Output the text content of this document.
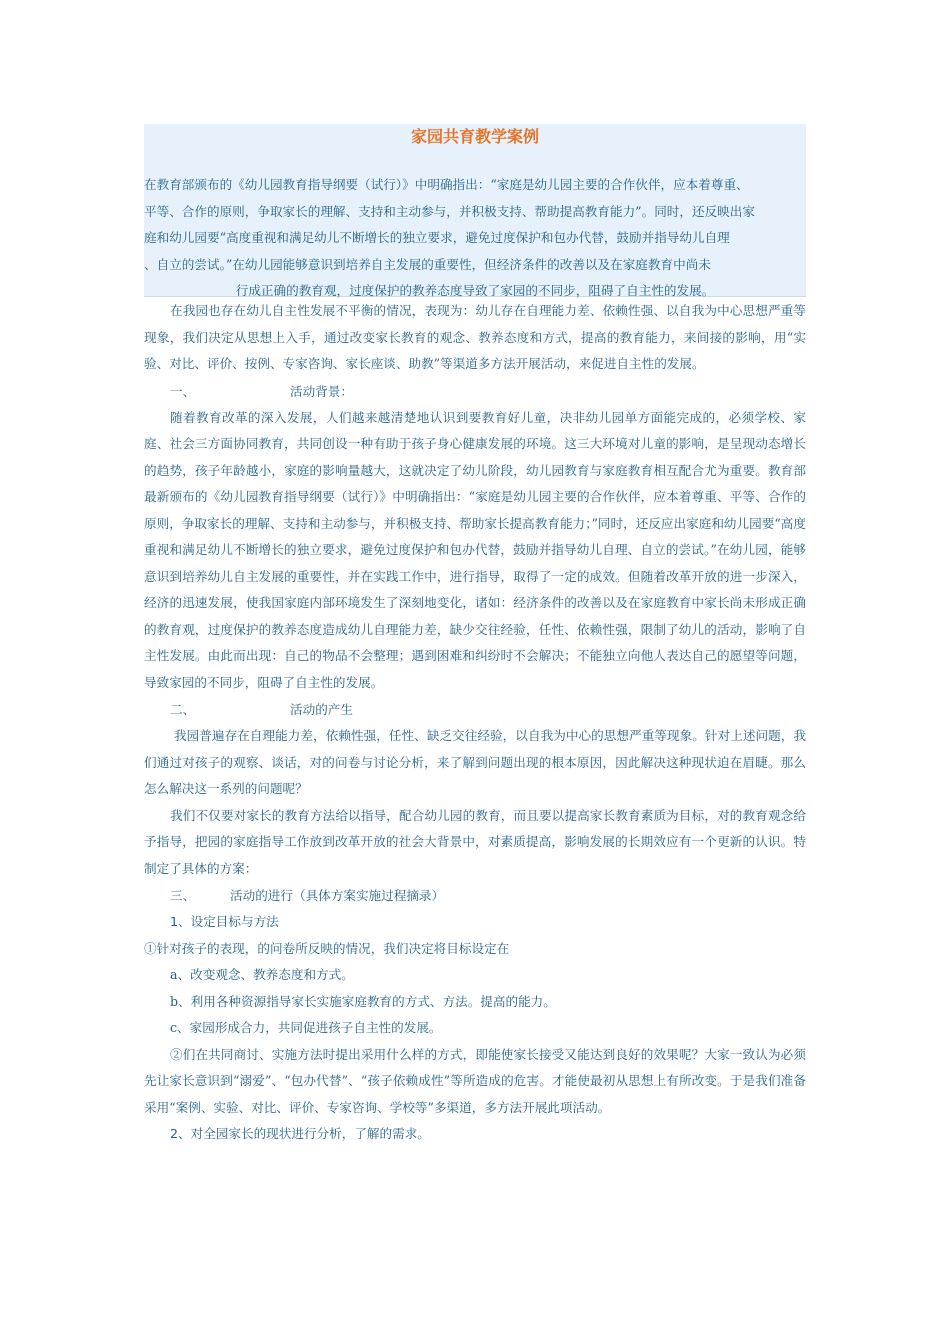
家园共育教学案例

在教育部颁布的《幼儿园教育指导纲要（试行）》中明确指出：“家庭是幼儿园主要的合作伙伴，应本着尊重、
平等、合作的原则，争取家长的理解、支持和主动参与，并积极支持、帮助提高教育能力”。同时，还反映出家
庭和幼儿园要“高度重视和满足幼儿不断增长的独立要求，避免过度保护和包办代替，鼓励并指导幼儿自理
、自立的尝试。”在幼儿园能够意识到培养自主发展的重要性，但经济条件的改善以及在家庭教育中尚未
行成正确的教育观，过度保护的教养态度导致了家园的不同步，阻碍了自主性的发展。

在我园也存在幼儿自主性发展不平衡的情况，表现为：幼儿存在自理能力差、依赖性强、以自我为中心思想严重等现象，我们决定从思想上入手，通过改变家长教育的观念、教养态度和方式，提高的教育能力，来间接的影响，用“实验、对比、评价、按例、专家咨询、家长座谈、助教”等渠道多方法开展活动，来促进自主性的发展。

一、	活动背景：

随着教育改革的深入发展，人们越来越清楚地认识到要教育好儿童，决非幼儿园单方面能完成的，必须学校、家庭、社会三方面协同教育，共同创设一种有助于孩子身心健康发展的环境。这三大环境对儿童的影响，是呈现动态增长的趋势，孩子年龄越小，家庭的影响量越大，这就决定了幼儿阶段，幼儿园教育与家庭教育相互配合尤为重要。教育部最新颁布的《幼儿园教育指导纲要（试行）》中明确指出：“家庭是幼儿园主要的合作伙伴，应本着尊重、平等、合作的原则，争取家长的理解、支持和主动参与，并积极支持、帮助家长提高教育能力；”同时，还反应出家庭和幼儿园要“高度重视和满足幼儿不断增长的独立要求，避免过度保护和包办代替，鼓励并指导幼儿自理、自立的尝试。”在幼儿园，能够意识到培养幼儿自主发展的重要性，并在实践工作中，进行指导，取得了一定的成效。但随着改革开放的进一步深入，经济的迅速发展，使我国家庭内部环境发生了深刻地变化，诸如：经济条件的改善以及在家庭教育中家长尚未形成正确的教育观，过度保护的教养态度造成幼儿自理能力差，缺少交往经验，任性、依赖性强，限制了幼儿的活动，影响了自主性发展。由此而出现：自己的物品不会整理；遇到困难和纠纷时不会解决；不能独立向他人表达自己的愿望等问题，导致家园的不同步，阻碍了自主性的发展。

二、	活动的产生

我园普遍存在自理能力差，依赖性强，任性、缺乏交往经验，以自我为中心的思想严重等现象。针对上述问题，我们通过对孩子的观察、谈话，对的问卷与讨论分析，来了解到问题出现的根本原因，因此解决这种现状迫在眉睫。那么怎么解决这一系列的问题呢？

我们不仅要对家长的教育方法给以指导，配合幼儿园的教育，而且要以提高家长教育素质为目标，对的教育观念给予指导，把园的家庭指导工作放到改革开放的社会大背景中，对素质提高，影响发展的长期效应有一个更新的认识。特制定了具体的方案：

三、	活动的进行（具体方案实施过程摘录）

1、设定目标与方法

①针对孩子的表现，的问卷所反映的情况，我们决定将目标设定在

a、改变观念、教养态度和方式。

b、利用各种资源指导家长实施家庭教育的方式、方法。提高的能力。

c、家园形成合力，共同促进孩子自主性的发展。

②们在共同商讨、实施方法时提出采用什么样的方式，即能使家长接受又能达到良好的效果呢？大家一致认为必须先让家长意识到“溺爱”、“包办代替”、“孩子依赖成性”等所造成的危害。才能使最初从思想上有所改变。于是我们准备采用“案例、实验、对比、评价、专家咨询、学校等”多渠道，多方法开展此项活动。

2、对全园家长的现状进行分析，了解的需求。
